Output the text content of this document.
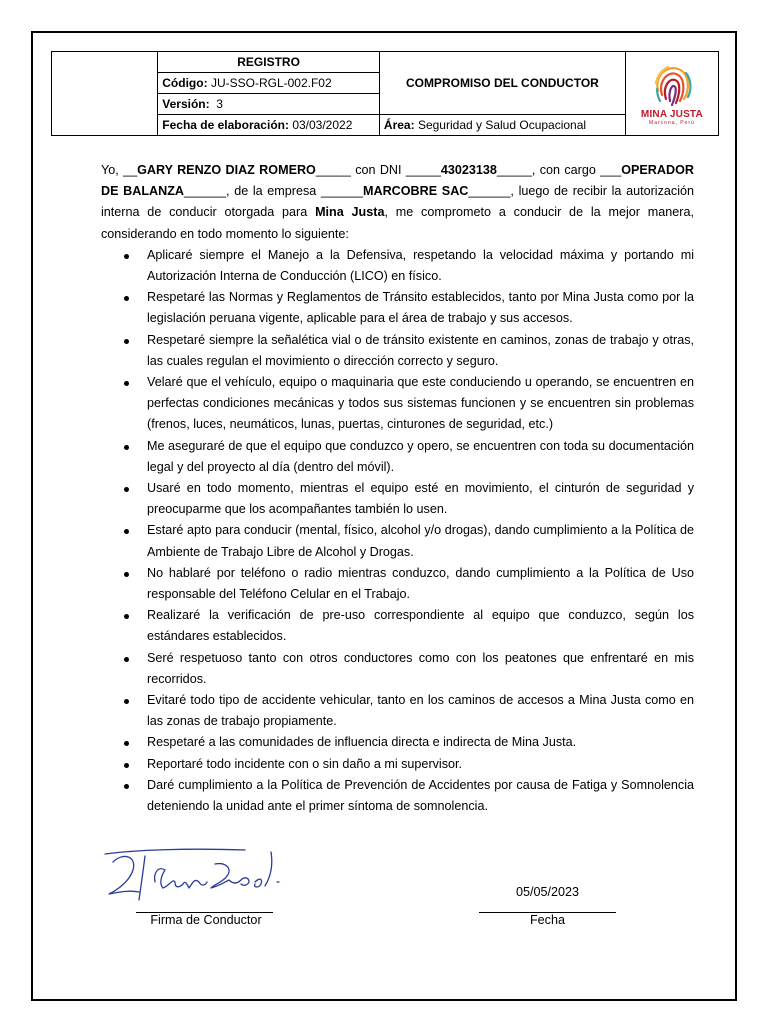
	REGISTRO	COMPROMISO DEL CONDUCTOR	MINA JUSTA
Marcona, Perú

	Código: JU-SSO-RGL-002.F02		
	Versión: 3		
	Fecha de elaboración: 03/03/2022	Área: Seguridad y Salud Ocupacional	

Yo, __GARY RENZO DIAZ ROMERO_____ con DNI _____43023138_____, con cargo ___OPERADOR DE BALANZA______, de la empresa ______MARCOBRE SAC______, luego de recibir la autorización interna de conducir otorgada para Mina Justa, me comprometo a conducir de la mejor manera, considerando en todo momento lo siguiente:

Aplicaré siempre el Manejo a la Defensiva, respetando la velocidad máxima y portando mi Autorización Interna de Conducción (LICO) en físico.
Respetaré las Normas y Reglamentos de Tránsito establecidos, tanto por Mina Justa como por la legislación peruana vigente, aplicable para el área de trabajo y sus accesos.
Respetaré siempre la señalética vial o de tránsito existente en caminos, zonas de trabajo y otras, las cuales regulan el movimiento o dirección correcto y seguro.
Velaré que el vehículo, equipo o maquinaria que este conduciendo u operando, se encuentren en perfectas condiciones mecánicas y todos sus sistemas funcionen y se encuentren sin problemas (frenos, luces, neumáticos, lunas, puertas, cinturones de seguridad, etc.)
Me aseguraré de que el equipo que conduzco y opero, se encuentren con toda su documentación legal y del proyecto al día (dentro del móvil).
Usaré en todo momento, mientras el equipo esté en movimiento, el cinturón de seguridad y preocuparme que los acompañantes también lo usen.
Estaré apto para conducir (mental, físico, alcohol y/o drogas), dando cumplimiento a la Política de Ambiente de Trabajo Libre de Alcohol y Drogas.
No hablaré por teléfono o radio mientras conduzco, dando cumplimiento a la Política de Uso responsable del Teléfono Celular en el Trabajo.
Realizaré la verificación de pre-uso correspondiente al equipo que conduzco, según los estándares establecidos.
Seré respetuoso tanto con otros conductores como con los peatones que enfrentaré en mis recorridos.
Evitaré todo tipo de accidente vehicular, tanto en los caminos de accesos a Mina Justa como en las zonas de trabajo propiamente.
Respetaré a las comunidades de influencia directa e indirecta de Mina Justa.
Reportaré todo incidente con o sin daño a mi supervisor.
Daré cumplimiento a la Política de Prevención de Accidentes por causa de Fatiga y Somnolencia deteniendo la unidad ante el primer síntoma de somnolencia.
Firma de Conductor
05/05/2023
Fecha
